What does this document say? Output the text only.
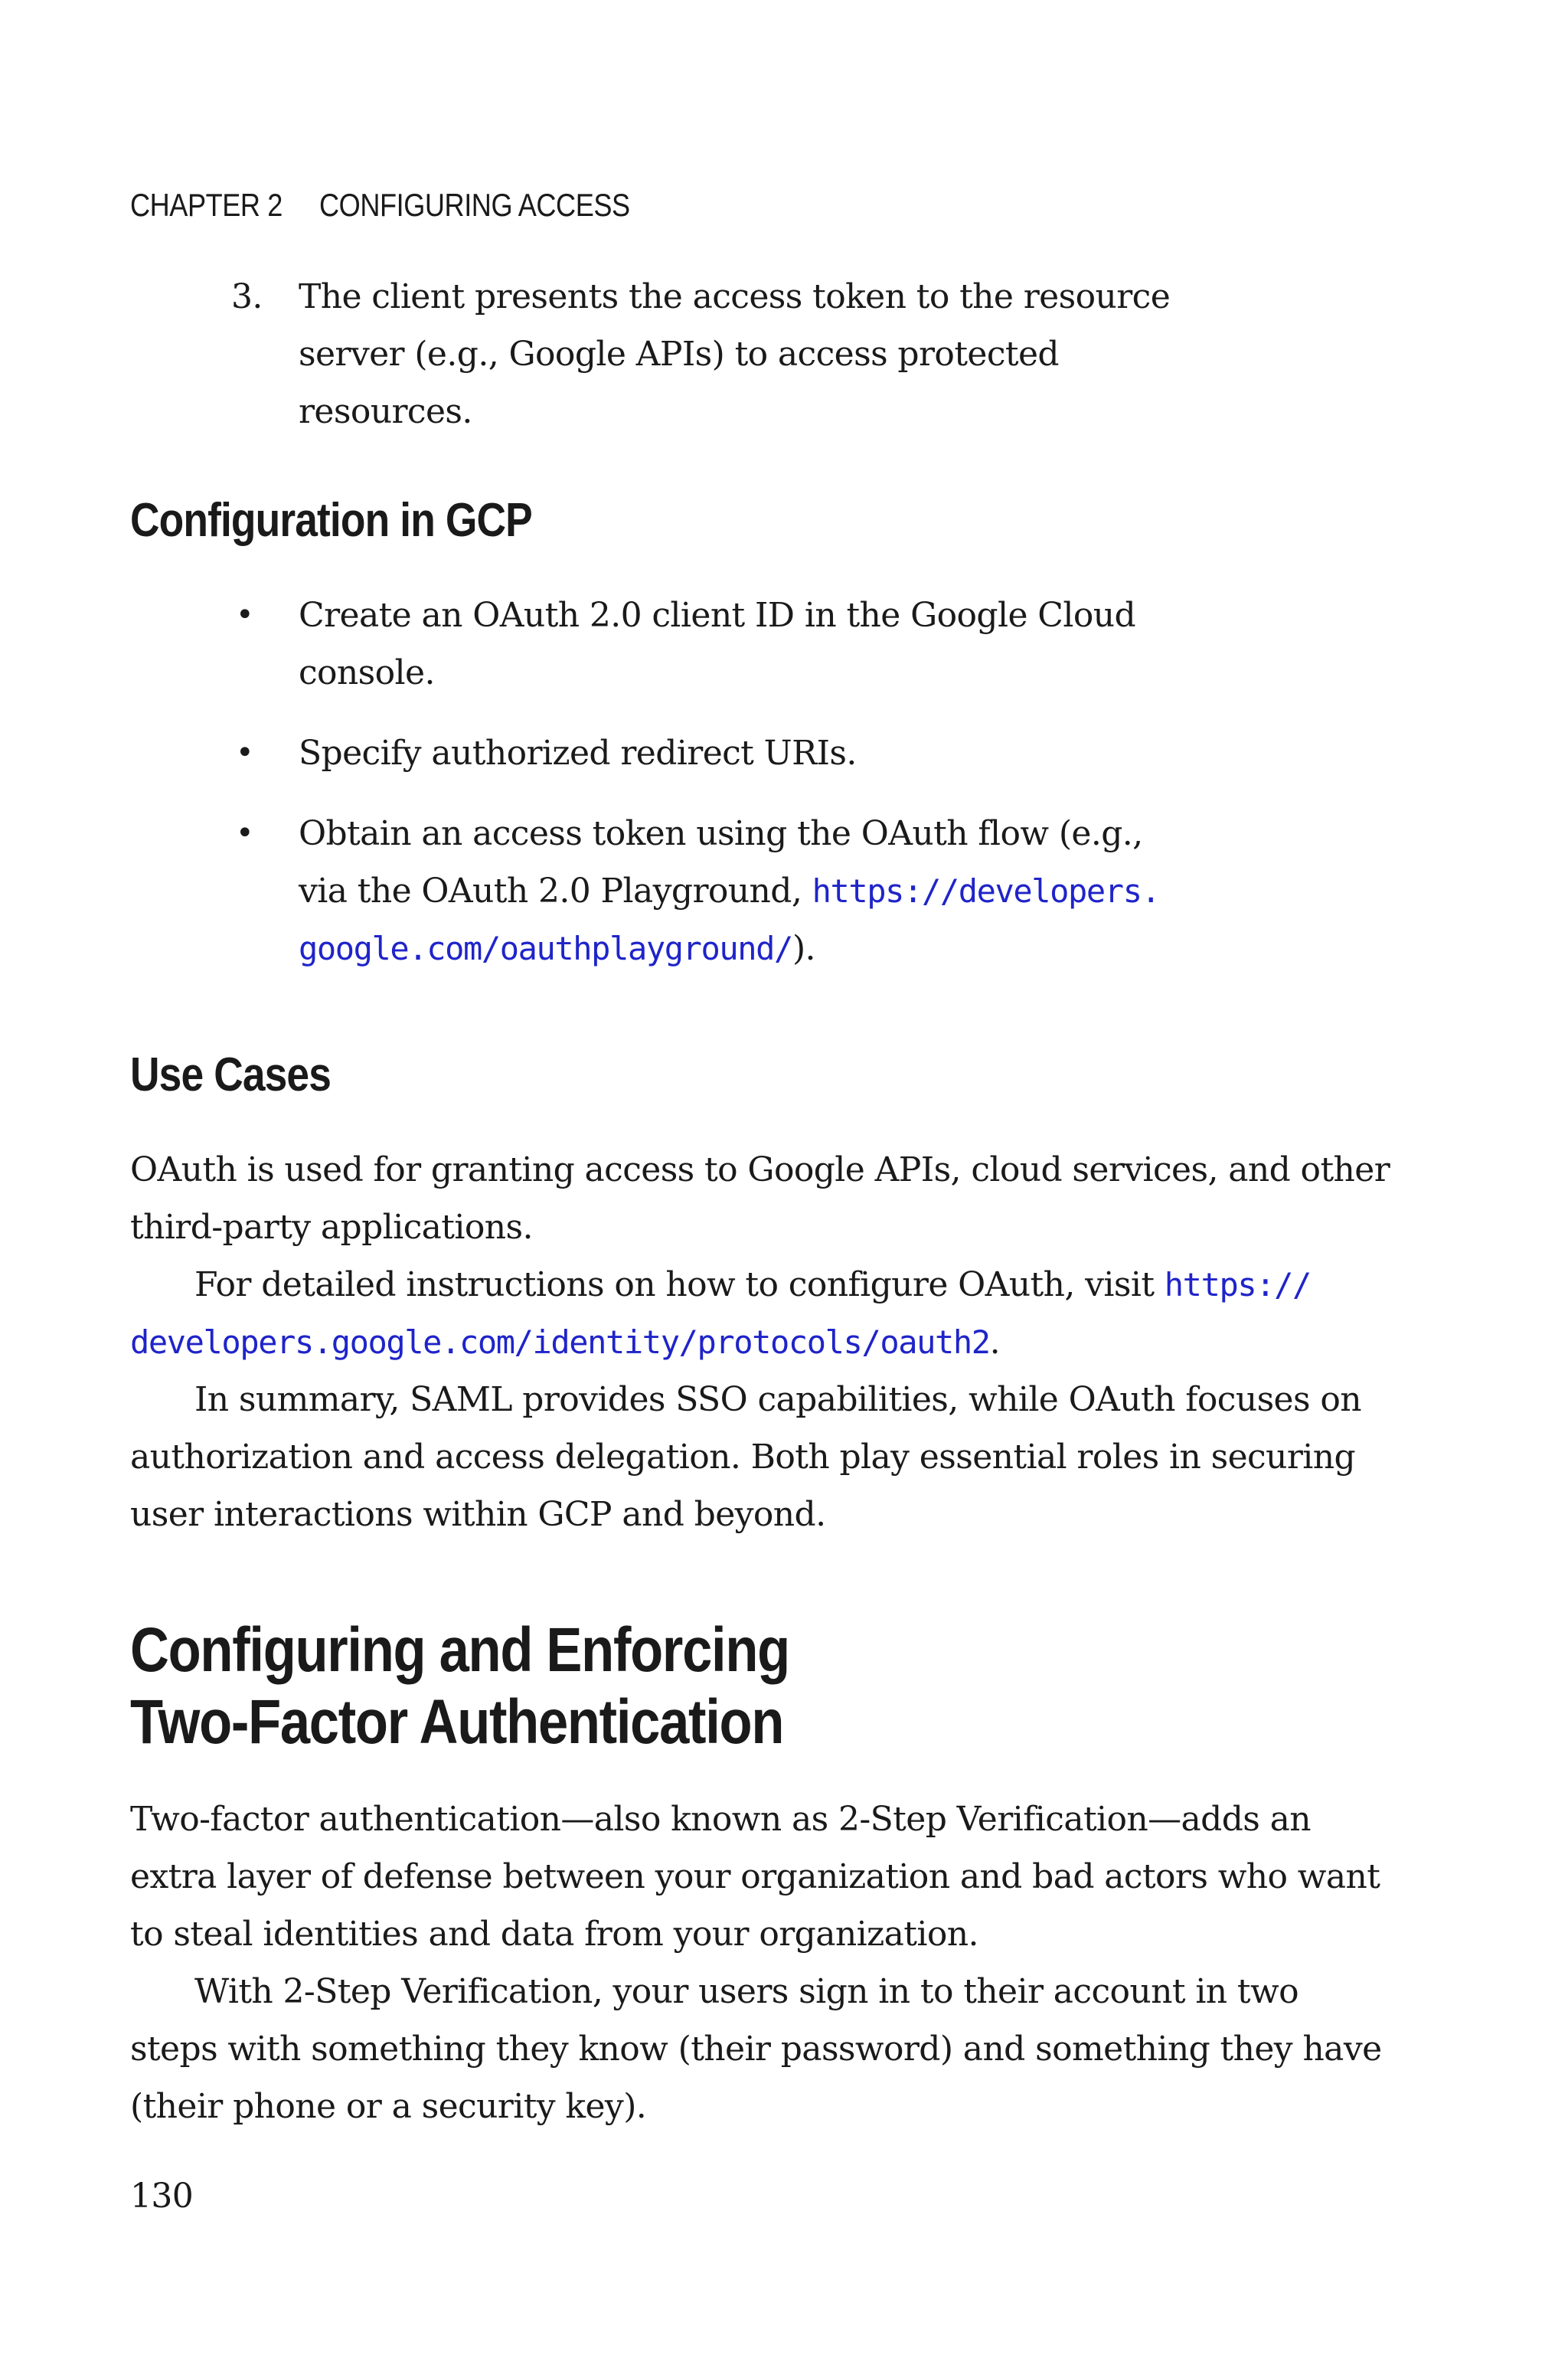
CHAPTER 2 CONFIGURING ACCESS
3. The client presents the access token to the resource
server (e.g., Google APIs) to access protected
resources.
Configuration in GCP
• Create an OAuth 2.0 client ID in the Google Cloud
console.
• Specify authorized redirect URIs.
• Obtain an access token using the OAuth flow (e.g.,
via the OAuth 2.0 Playground, https://developers.
google.com/oauthplayground/).
Use Cases

OAuth is used for granting access to Google APIs, cloud services, and other
third-party applications.

For detailed instructions on how to configure OAuth, visit https://
developers.google.com/identity/protocols/oauth2.

In summary, SAML provides SSO capabilities, while OAuth focuses on
authorization and access delegation. Both play essential roles in securing
user interactions within GCP and beyond.

Configuring and Enforcing
Two-Factor Authentication

Two-factor authentication—also known as 2-Step Verification—adds an
extra layer of defense between your organization and bad actors who want
to steal identities and data from your organization.

With 2-Step Verification, your users sign in to their account in two
steps with something they know (their password) and something they have
(their phone or a security key).

130
